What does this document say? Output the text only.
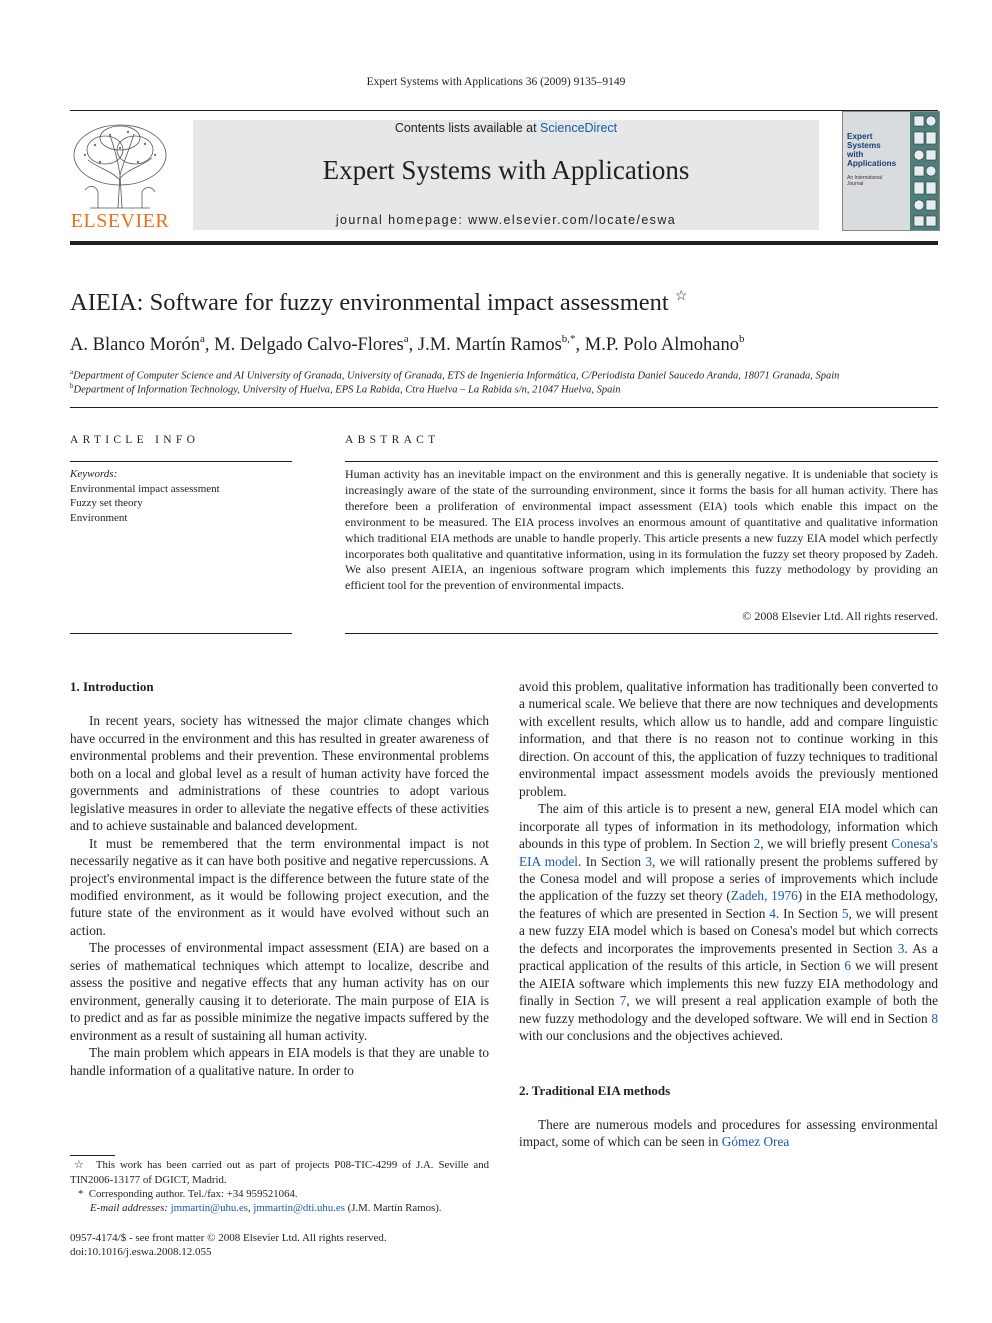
Expert Systems with Applications 36 (2009) 9135–9149
ELSEVIER
Contents lists available at ScienceDirect
Expert Systems with Applications
journal homepage: www.elsevier.com/locate/eswa
Expert
Systems
with
Applications
An International
Journal
AIEIA: Software for fuzzy environmental impact assessment ☆
A. Blanco Morón$^a$, M. Delgado Calvo-Flores$^a$, J.M. Martín Ramos$^{b,*}$, M.P. Polo Almohano$^b$
$^a$Department of Computer Science and AI University of Granada, University of Granada, ETS de Ingeniería Informática, C/Periodista Daniel Saucedo Aranda, 18071 Granada, Spain
$^b$Department of Information Technology, University of Huelva, EPS La Rabida, Ctra Huelva – La Rabida s/n, 21047 Huelva, Spain
ARTICLE INFO
Keywords:
Environmental impact assessment
Fuzzy set theory
Environment
ABSTRACT
Human activity has an inevitable impact on the environment and this is generally negative. It is undeniable that society is increasingly aware of the state of the surrounding environment, since it forms the basis for all human activity. There has therefore been a proliferation of environmental impact assessment (EIA) tools which enable this impact on the environment to be measured. The EIA process involves an enormous amount of quantitative and qualitative information which traditional EIA methods are unable to handle properly. This article presents a new fuzzy EIA model which perfectly incorporates both qualitative and quantitative information, using in its formulation the fuzzy set theory proposed by Zadeh. We also present AIEIA, an ingenious software program which implements this fuzzy methodology by providing an efficient tool for the prevention of environmental impacts.
© 2008 Elsevier Ltd. All rights reserved.

1. Introduction

In recent years, society has witnessed the major climate changes which have occurred in the environment and this has resulted in greater awareness of environmental problems and their prevention. These environmental problems both on a local and global level as a result of human activity have forced the governments and administrations of these countries to adopt various legislative measures in order to alleviate the negative effects of these activities and to achieve sustainable and balanced development.

It must be remembered that the term environmental impact is not necessarily negative as it can have both positive and negative repercussions. A project's environmental impact is the difference between the future state of the modified environment, as it would be following project execution, and the future state of the environment as it would have evolved without such an action.

The processes of environmental impact assessment (EIA) are based on a series of mathematical techniques which attempt to localize, describe and assess the positive and negative effects that any human activity has on our environment, generally causing it to deteriorate. The main purpose of EIA is to predict and as far as possible minimize the negative impacts suffered by the environment as a result of sustaining all human activity.

The main problem which appears in EIA models is that they are unable to handle information of a qualitative nature. In order to

avoid this problem, qualitative information has traditionally been converted to a numerical scale. We believe that there are now techniques and developments with excellent results, which allow us to handle, add and compare linguistic information, and that there is no reason not to continue working in this direction. On account of this, the application of fuzzy techniques to traditional environmental impact assessment models avoids the previously mentioned problem.

The aim of this article is to present a new, general EIA model which can incorporate all types of information in its methodology, information which abounds in this type of problem. In Section 2, we will briefly present Conesa's EIA model. In Section 3, we will rationally present the problems suffered by the Conesa model and will propose a series of improvements which include the application of the fuzzy set theory (Zadeh, 1976) in the EIA methodology, the features of which are presented in Section 4. In Section 5, we will present a new fuzzy EIA model which is based on Conesa's model but which corrects the defects and incorporates the improvements presented in Section 3. As a practical application of the results of this article, in Section 6 we will present the AIEIA software which implements this new fuzzy EIA methodology and finally in Section 7, we will present a real application example of both the new fuzzy methodology and the developed software. We will end in Section 8 with our conclusions and the objectives achieved.

2. Traditional EIA methods

There are numerous models and procedures for assessing environmental impact, some of which can be seen in Gómez Orea

☆ This work has been carried out as part of projects P08-TIC-4299 of J.A. Seville and TIN2006-13177 of DGICT, Madrid.
* Corresponding author. Tel./fax: +34 959521064.
E-mail addresses: jmmartin@uhu.es, jmmartin@dti.uhu.es (J.M. Martín Ramos).
0957-4174/$ - see front matter © 2008 Elsevier Ltd. All rights reserved.
doi:10.1016/j.eswa.2008.12.055
